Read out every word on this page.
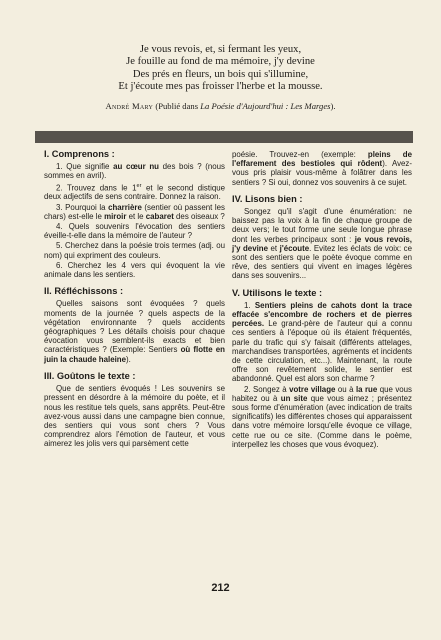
Je vous revois, et, si fermant les yeux,
Je fouille au fond de ma mémoire, j'y devine
Des prés en fleurs, un bois qui s'illumine,
Et j'écoute mes pas froisser l'herbe et la mousse.
André Mary (Publié dans La Poésie d'Aujourd'hui : Les Marges).
I. Comprenons :

1. Que signifie au cœur nu des bois ? (nous sommes en avril).

2. Trouvez dans le 1er et le second distique deux adjectifs de sens contraire. Donnez la raison.

3. Pourquoi la charrière (sentier où passent les chars) est-elle le miroir et le cabaret des oiseaux ?

4. Quels souvenirs l'évocation des sentiers éveille-t-elle dans la mémoire de l'auteur ?

5. Cherchez dans la poésie trois termes (adj. ou nom) qui expriment des couleurs.

6. Cherchez les 4 vers qui évoquent la vie animale dans les sentiers.

II. Réfléchissons :

Quelles saisons sont évoquées ? quels moments de la journée ? quels aspects de la végétation environnante ? quels accidents géographiques ? Les détails choisis pour chaque évocation vous semblent-ils exacts et bien caractéristiques ? (Exemple: Sentiers où flotte en juin la chaude haleine).

III. Goûtons le texte :

Que de sentiers évoqués ! Les souvenirs se pressent en désordre à la mémoire du poète, et il nous les restitue tels quels, sans apprêts. Peut-être avez-vous aussi dans une campagne bien connue, des sentiers qui vous sont chers ? Vous comprendrez alors l'émotion de l'auteur, et vous aimerez les jolis vers qui parsèment cette

poésie. Trouvez-en (exemple: pleins de l'effarement des bestioles qui rôdent). Avez-vous pris plaisir vous-même à folâtrer dans les sentiers ? Si oui, donnez vos souvenirs à ce sujet.

IV. Lisons bien :

Songez qu'il s'agit d'une énumération: ne baissez pas la voix à la fin de chaque groupe de deux vers; le tout forme une seule longue phrase dont les verbes principaux sont : je vous revois, j'y devine et j'écoute. Evitez les éclats de voix: ce sont des sentiers que le poète évoque comme en rêve, des sentiers qui vivent en images légères dans ses souvenirs...

V. Utilisons le texte :

1. Sentiers pleins de cahots dont la trace effacée s'encombre de rochers et de pierres percées. Le grand-père de l'auteur qui a connu ces sentiers à l'époque où ils étaient fréquentés, parle du trafic qui s'y faisait (différents attelages, marchandises transportées, agréments et incidents de cette circulation, etc...). Maintenant, la route offre son revêtement solide, le sentier est abandonné. Quel est alors son charme ?

2. Songez à votre village ou à la rue que vous habitez ou à un site que vous aimez ; présentez sous forme d'énumération (avec indication de traits significatifs) les différentes choses qui apparaissent dans votre mémoire lorsqu'elle évoque ce village, cette rue ou ce site. (Comme dans le poème, interpellez les choses que vous évoquez).

212
